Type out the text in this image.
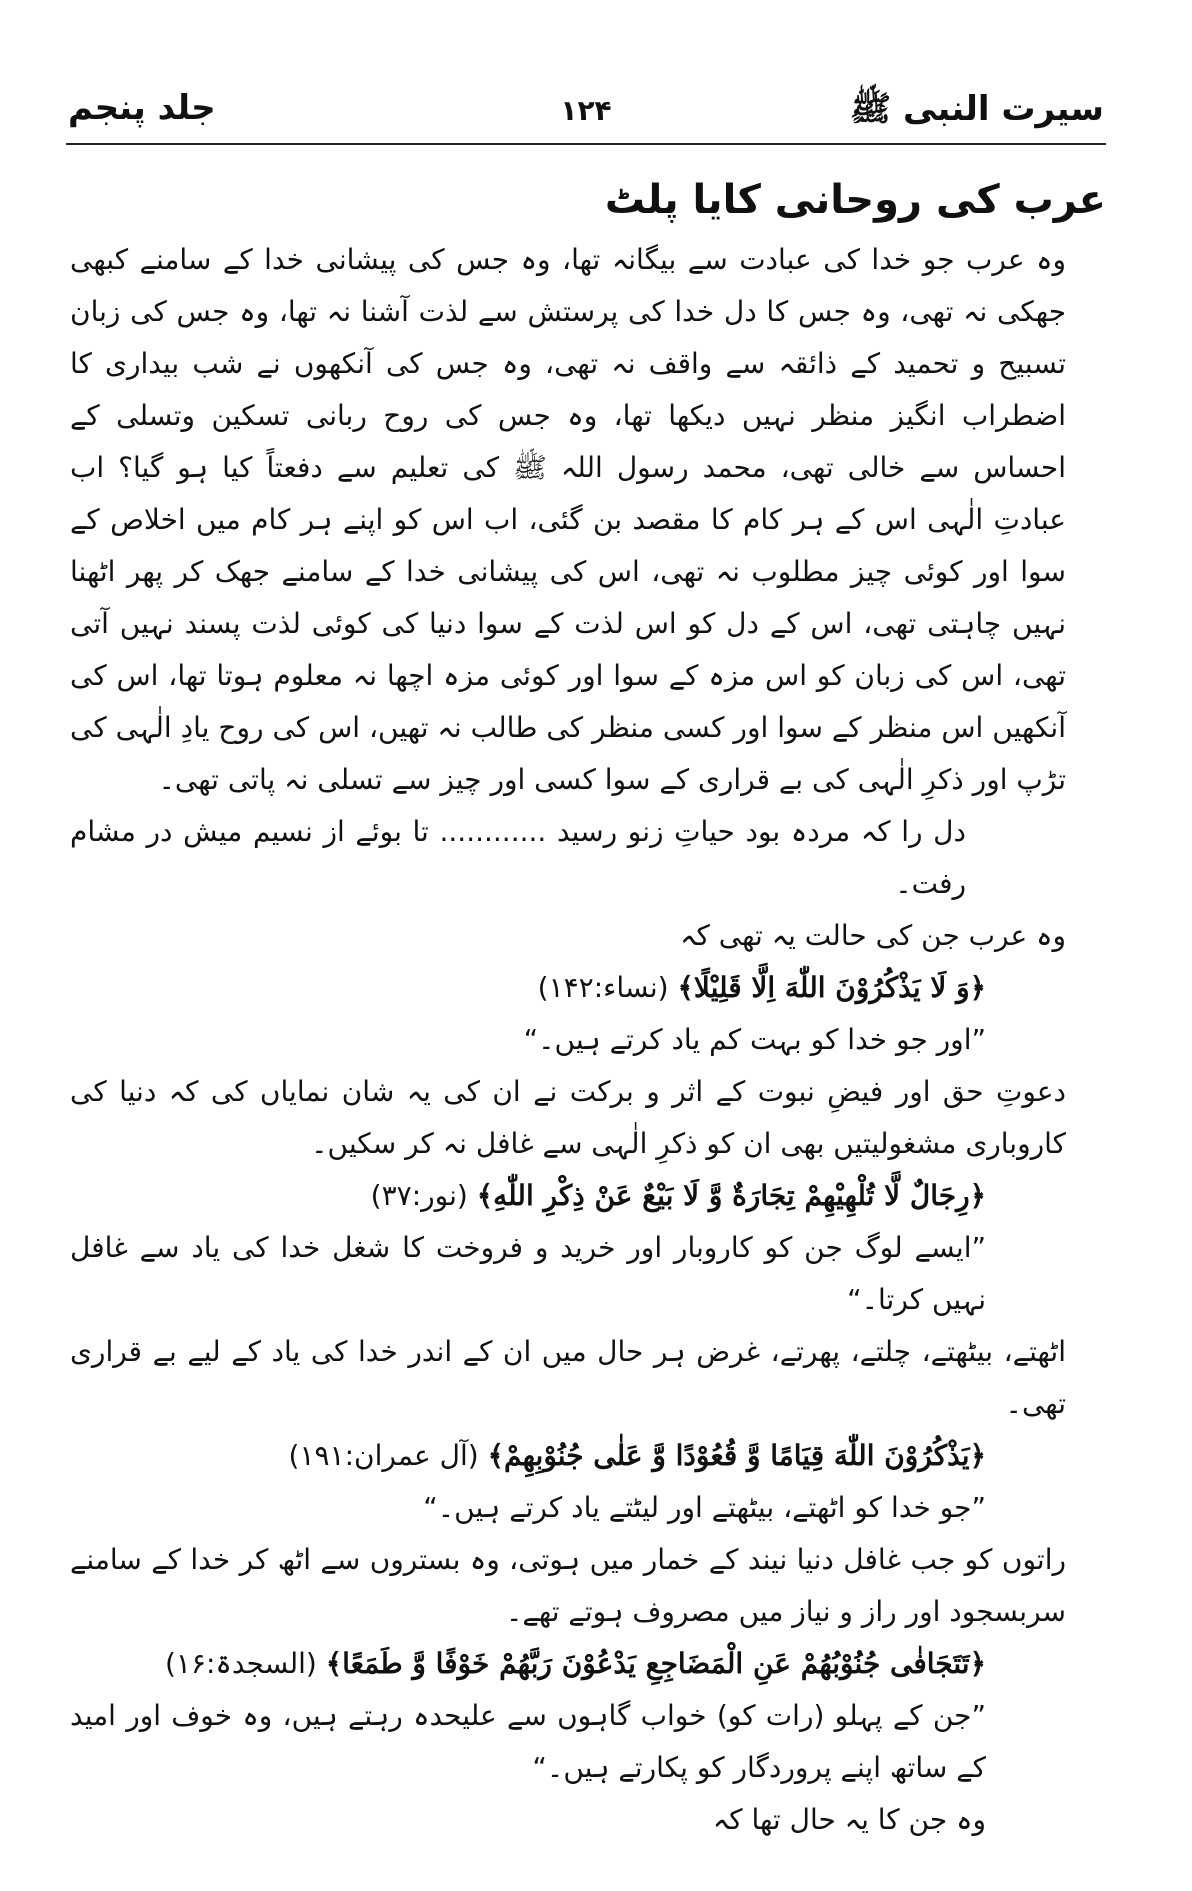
سیرت النبی ﷺ
۱۲۴
جلد پنجم

عرب کی روحانی کایا پلٹ

وہ عرب جو خدا کی عبادت سے بیگانہ تھا، وہ جس کی پیشانی خدا کے سامنے کبھی جھکی نہ تھی، وہ جس کا دل خدا کی پرستش سے لذت آشنا نہ تھا، وہ جس کی زبان تسبیح و تحمید کے ذائقہ سے واقف نہ تھی، وہ جس کی آنکھوں نے شب بیداری کا اضطراب انگیز منظر نہیں دیکھا تھا، وہ جس کی روح ربانی تسکین وتسلی کے احساس سے خالی تھی، محمد رسول اللہ ﷺ کی تعلیم سے دفعتاً کیا ہو گیا؟ اب عبادتِ الٰہی اس کے ہر کام کا مقصد بن گئی، اب اس کو اپنے ہر کام میں اخلاص کے سوا اور کوئی چیز مطلوب نہ تھی، اس کی پیشانی خدا کے سامنے جھک کر پھر اٹھنا نہیں چاہتی تھی، اس کے دل کو اس لذت کے سوا دنیا کی کوئی لذت پسند نہیں آتی تھی، اس کی زبان کو اس مزہ کے سوا اور کوئی مزہ اچھا نہ معلوم ہوتا تھا، اس کی آنکھیں اس منظر کے سوا اور کسی منظر کی طالب نہ تھیں، اس کی روح یادِ الٰہی کی تڑپ اور ذکرِ الٰہی کی بے قراری کے سوا کسی اور چیز سے تسلی نہ پاتی تھی۔

دل را کہ مردہ بود حیاتِ زنو رسید ............ تا بوئے از نسیم میش در مشام رفت۔

وہ عرب جن کی حالت یہ تھی کہ

﴿وَ لَا يَذْكُرُوْنَ اللّٰهَ اِلَّا قَلِيْلًا﴾ (نساء:۱۴۲)

”اور جو خدا کو بہت کم یاد کرتے ہیں۔“

دعوتِ حق اور فیضِ نبوت کے اثر و برکت نے ان کی یہ شان نمایاں کی کہ دنیا کی کاروباری مشغولیتیں بھی ان کو ذکرِ الٰہی سے غافل نہ کر سکیں۔

﴿رِجَالٌ لَّا تُلْهِيْهِمْ تِجَارَةٌ وَّ لَا بَيْعٌ عَنْ ذِكْرِ اللّٰهِ﴾ (نور:۳۷)

”ایسے لوگ جن کو کاروبار اور خرید و فروخت کا شغل خدا کی یاد سے غافل نہیں کرتا۔“

اٹھتے، بیٹھتے، چلتے، پھرتے، غرض ہر حال میں ان کے اندر خدا کی یاد کے لیے بے قراری تھی۔

﴿يَذْكُرُوْنَ اللّٰهَ قِيَامًا وَّ قُعُوْدًا وَّ عَلٰى جُنُوْبِهِمْ﴾ (آل عمران:۱۹۱)

”جو خدا کو اٹھتے، بیٹھتے اور لیٹتے یاد کرتے ہیں۔“

راتوں کو جب غافل دنیا نیند کے خمار میں ہوتی، وہ بستروں سے اٹھ کر خدا کے سامنے سربسجود اور راز و نیاز میں مصروف ہوتے تھے۔

﴿تَتَجَافٰى جُنُوْبُهُمْ عَنِ الْمَضَاجِعِ يَدْعُوْنَ رَبَّهُمْ خَوْفًا وَّ طَمَعًا﴾ (السجدۃ:۱۶)

”جن کے پہلو (رات کو) خواب گاہوں سے علیحدہ رہتے ہیں، وہ خوف اور امید کے ساتھ اپنے پروردگار کو پکارتے ہیں۔“

وہ جن کا یہ حال تھا کہ
